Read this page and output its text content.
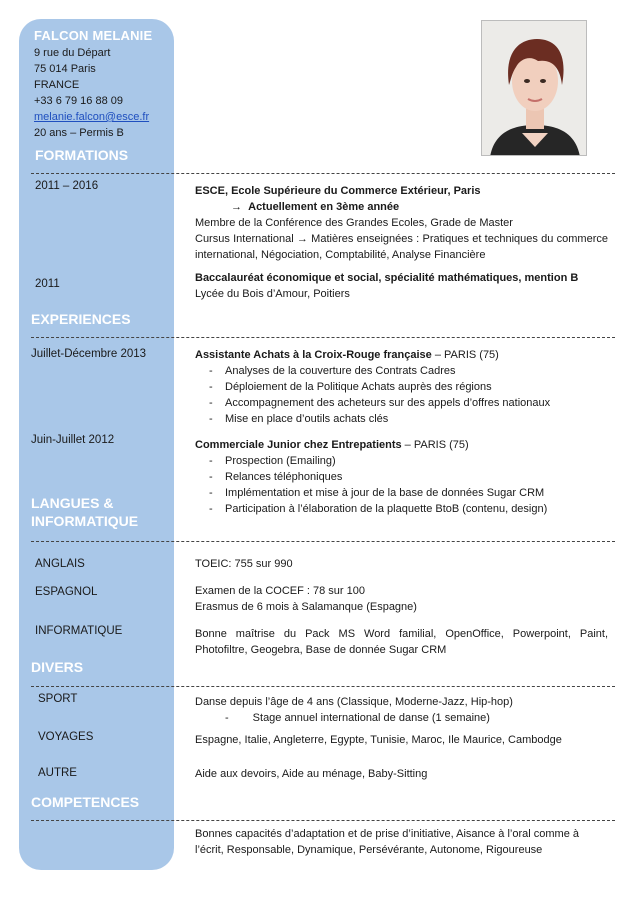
FALCON MELANIE
9 rue du Départ
75 014 Paris
FRANCE
+33 6 79 16 88 09
melanie.falcon@esce.fr
20 ans – Permis B
FORMATIONS
2011 – 2016	ESCE, Ecole Supérieure du Commerce Extérieur, Paris
→ Actuellement en 3ème année
Membre de la Conférence des Grandes Ecoles, Grade de Master
Cursus International → Matières enseignées : Pratiques et techniques du commerce international, Négociation, Comptabilité, Analyse Financière
2011	Baccalauréat économique et social, spécialité mathématiques, mention B
Lycée du Bois d’Amour, Poitiers
EXPERIENCES
Juillet-Décembre 2013	Assistante Achats à la Croix-Rouge française – PARIS (75)
- Analyses de la couverture des Contrats Cadres
- Déploiement de la Politique Achats auprès des régions
- Accompagnement des acheteurs sur des appels d’offres nationaux
- Mise en place d’outils achats clés
Juin-Juillet 2012	Commerciale Junior chez Entrepatients – PARIS (75)
- Prospection (Emailing)
- Relances téléphoniques
- Implémentation et mise à jour de la base de données Sugar CRM
- Participation à l’élaboration de la plaquette BtoB (contenu, design)
LANGUES &
INFORMATIQUE
ANGLAIS	TOEIC: 755 sur 990
ESPAGNOL	Examen de la COCEF : 78 sur 100
Erasmus de 6 mois à Salamanque (Espagne)
INFORMATIQUE	Bonne maîtrise du Pack MS Word familial, OpenOffice, Powerpoint, Paint, Photofiltre, Geogebra, Base de donnée Sugar CRM
DIVERS
SPORT	Danse depuis l’âge de 4 ans (Classique, Moderne-Jazz, Hip-hop)
- Stage annuel international de danse (1 semaine)
VOYAGES	Espagne, Italie, Angleterre, Egypte, Tunisie, Maroc, Ile Maurice, Cambodge
AUTRE	Aide aux devoirs, Aide au ménage, Baby-Sitting
COMPETENCES
Bonnes capacités d’adaptation et de prise d’initiative, Aisance à l’oral comme à l’écrit, Responsable, Dynamique, Persévérante, Autonome, Rigoureuse
